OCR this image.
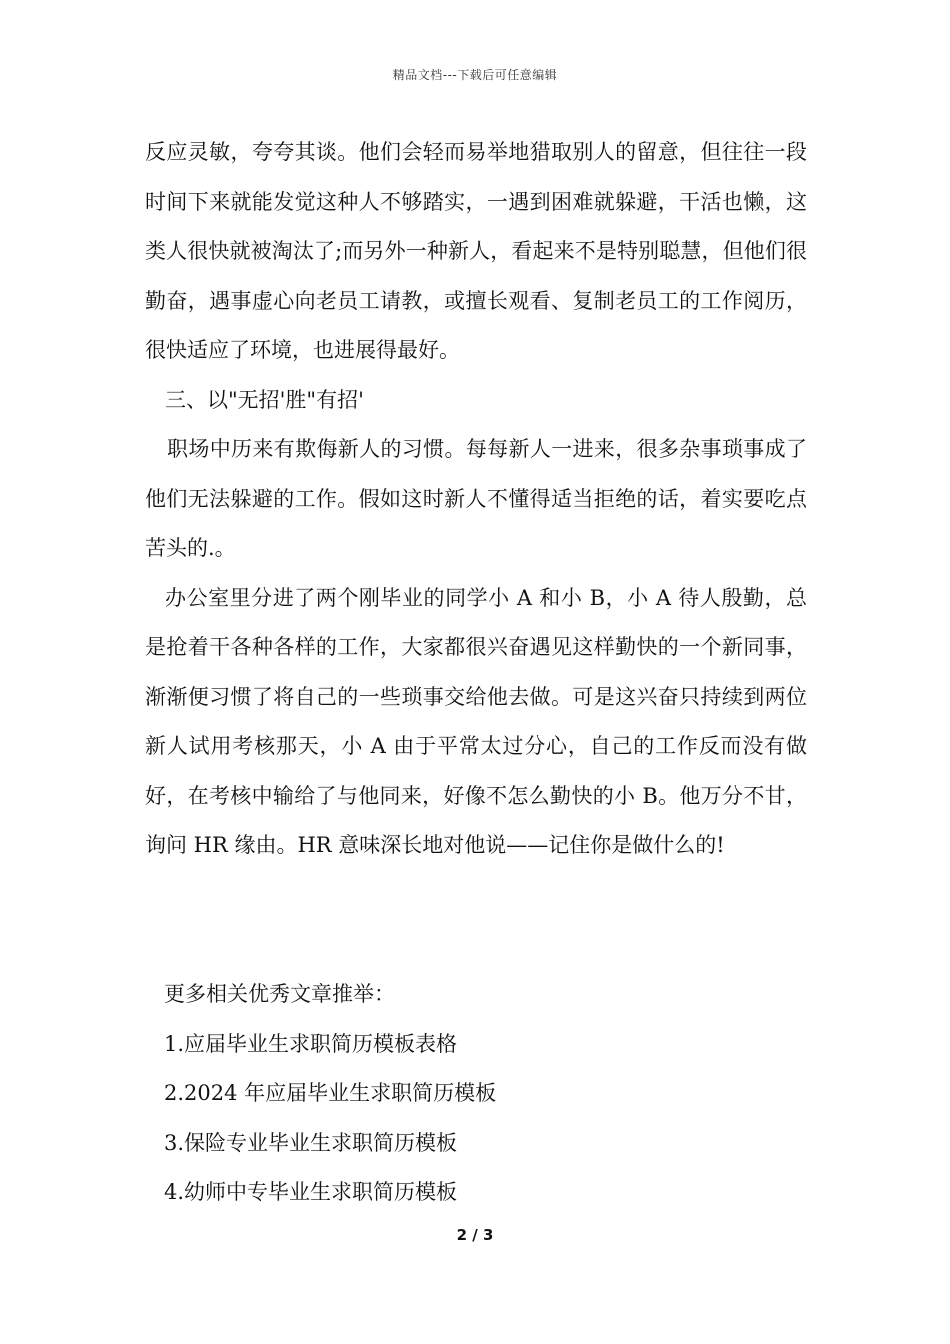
精品文档---下载后可任意编辑

反应灵敏，夸夸其谈。他们会轻而易举地猎取别人的留意，但往往一段时间下来就能发觉这种人不够踏实，一遇到困难就躲避，干活也懒，这类人很快就被淘汰了;而另外一种新人，看起来不是特别聪慧，但他们很勤奋，遇事虚心向老员工请教，或擅长观看、复制老员工的工作阅历，很快适应了环境，也进展得最好。

三、以"无招'胜"有招'

职场中历来有欺侮新人的习惯。每每新人一进来，很多杂事琐事成了他们无法躲避的工作。假如这时新人不懂得适当拒绝的话，着实要吃点苦头的.。

办公室里分进了两个刚毕业的同学小 A 和小 B，小 A 待人殷勤，总是抢着干各种各样的工作，大家都很兴奋遇见这样勤快的一个新同事，渐渐便习惯了将自己的一些琐事交给他去做。可是这兴奋只持续到两位新人试用考核那天，小 A 由于平常太过分心，自己的工作反而没有做好，在考核中输给了与他同来，好像不怎么勤快的小 B。他万分不甘，询问 HR 缘由。HR 意味深长地对他说——记住你是做什么的!

更多相关优秀文章推举：
1.应届毕业生求职简历模板表格
2.2024 年应届毕业生求职简历模板
3.保险专业毕业生求职简历模板
4.幼师中专毕业生求职简历模板
2 / 3
